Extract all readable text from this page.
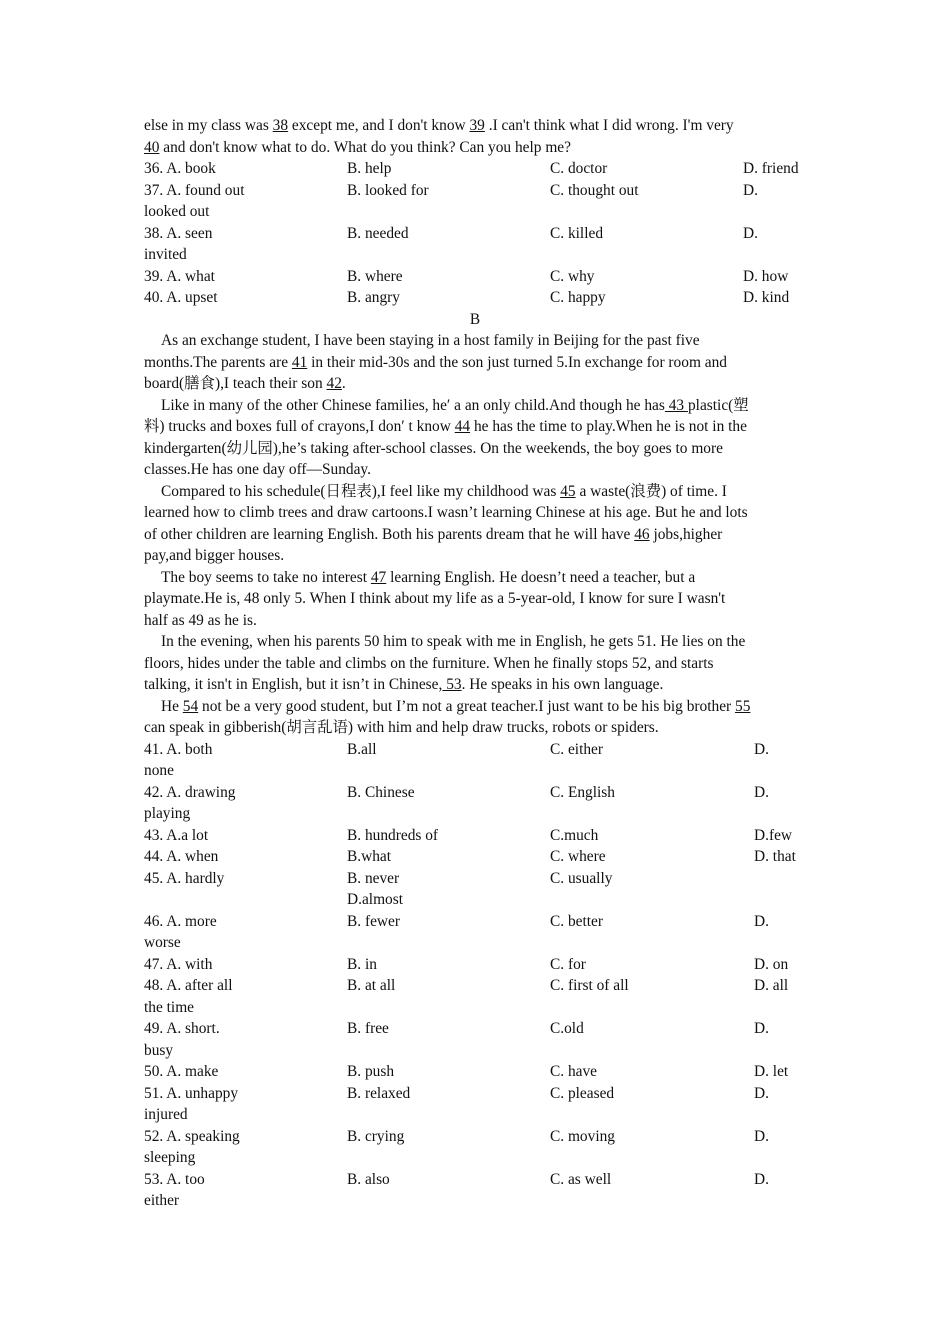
else in my class was 38 except me, and I don't know 39 .I can't think what I did wrong. I'm very
40 and don't know what to do. What do you think? Can you help me?
36. A. book	B. help	C. doctor	D. friend
37. A. found out	B. looked for	C. thought out	D.
looked out
38. A. seen	B. needed	C. killed	D.
invited
39. A. what	B. where	C. why	D. how
40. A. upset	B. angry	C. happy	D. kind
B
As an exchange student, I have been staying in a host family in Beijing for the past five
months.The parents are 41 in their mid-30s and the son just turned 5.In exchange for room and
board(膳食),I teach their son 42.
Like in many of the other Chinese families, he′ a an only child.And though he has 43 plastic(塑
料) trucks and boxes full of crayons,I don′ t know 44 he has the time to play.When he is not in the
kindergarten(幼儿园),he’s taking after-school classes. On the weekends, the boy goes to more
classes.He has one day off—Sunday.
Compared to his schedule(日程表),I feel like my childhood was 45 a waste(浪费) of time. I
learned how to climb trees and draw cartoons.I wasn’t learning Chinese at his age. But he and lots
of other children are learning English. Both his parents dream that he will have 46 jobs,higher
pay,and bigger houses.
The boy seems to take no interest 47 learning English. He doesn’t need a teacher, but a
playmate.He is, 48 only 5. When I think about my life as a 5-year-old, I know for sure I wasn't
half as 49 as he is.
In the evening, when his parents 50 him to speak with me in English, he gets 51. He lies on the
floors, hides under the table and climbs on the furniture. When he finally stops 52, and starts
talking, it isn't in English, but it isn’t in Chinese, 53. He speaks in his own language.
He 54 not be a very good student, but I’m not a great teacher.I just want to be his big brother 55
can speak in gibberish(胡言乱语) with him and help draw trucks, robots or spiders.
41. A. both	B.all	C. either	D.
none
42. A. drawing	B. Chinese	C. English	D.
playing
43. A.a lot	B. hundreds of	C.much	D.few
44. A. when	B.what	C. where	D. that
45. A. hardly	B. never	C. usually
D.almost
46. A. more	B. fewer	C. better	D.
worse
47. A. with	B. in	C. for	D. on
48. A. after all	B. at all	C. first of all	D. all
the time
49. A. short.	B. free	C.old	D.
busy
50. A. make	B. push	C. have	D. let
51. A. unhappy	B. relaxed	C. pleased	D.
injured
52. A. speaking	B. crying	C. moving	D.
sleeping
53. A. too	B. also	C. as well	D.
either
